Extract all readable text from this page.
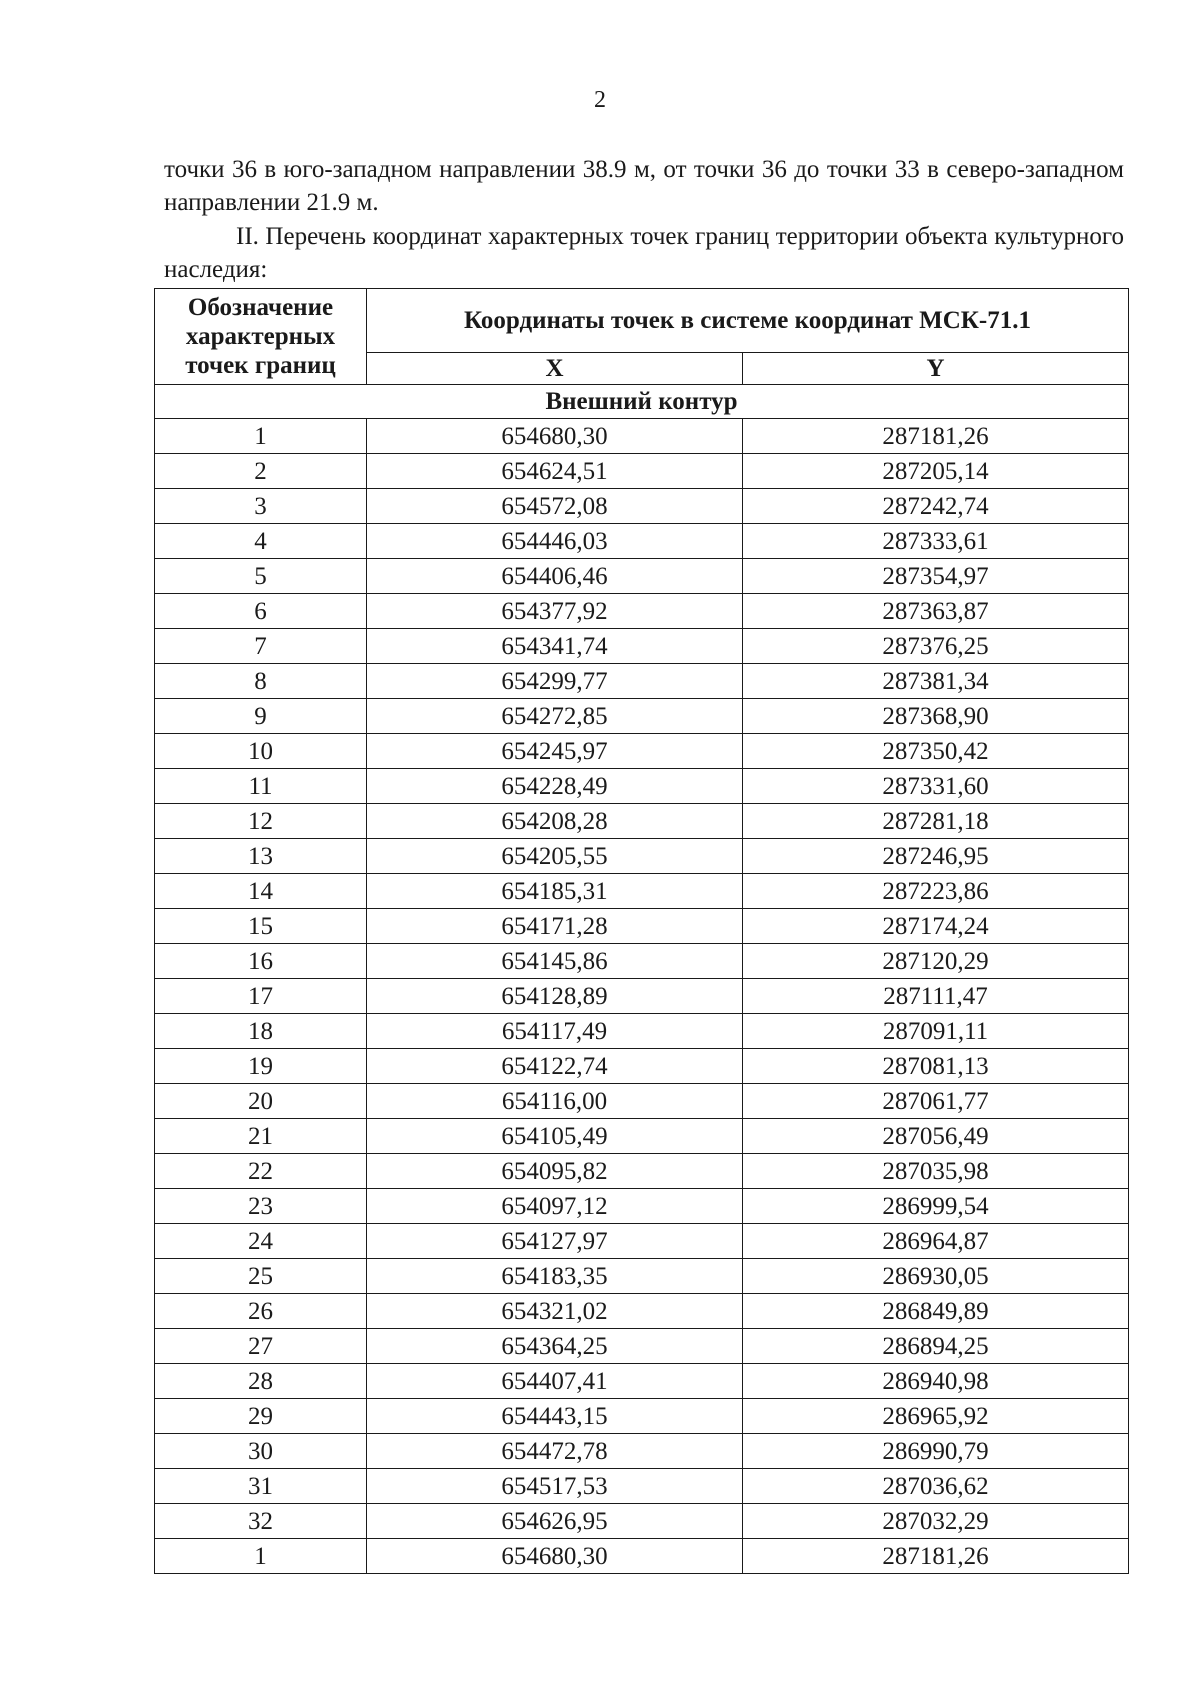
2

точки 36 в юго-западном направлении 38.9 м, от точки 36 до точки 33 в северо-западном направлении 21.9 м.

II. Перечень координат характерных точек границ территории объекта культурного наследия:

Обозначение характерных точек границ	Координаты точек в системе координат МСК-71.1	
	X	Y
Внешний контур		
1	654680,30	287181,26
2	654624,51	287205,14
3	654572,08	287242,74
4	654446,03	287333,61
5	654406,46	287354,97
6	654377,92	287363,87
7	654341,74	287376,25
8	654299,77	287381,34
9	654272,85	287368,90
10	654245,97	287350,42
11	654228,49	287331,60
12	654208,28	287281,18
13	654205,55	287246,95
14	654185,31	287223,86
15	654171,28	287174,24
16	654145,86	287120,29
17	654128,89	287111,47
18	654117,49	287091,11
19	654122,74	287081,13
20	654116,00	287061,77
21	654105,49	287056,49
22	654095,82	287035,98
23	654097,12	286999,54
24	654127,97	286964,87
25	654183,35	286930,05
26	654321,02	286849,89
27	654364,25	286894,25
28	654407,41	286940,98
29	654443,15	286965,92
30	654472,78	286990,79
31	654517,53	287036,62
32	654626,95	287032,29
1	654680,30	287181,26
